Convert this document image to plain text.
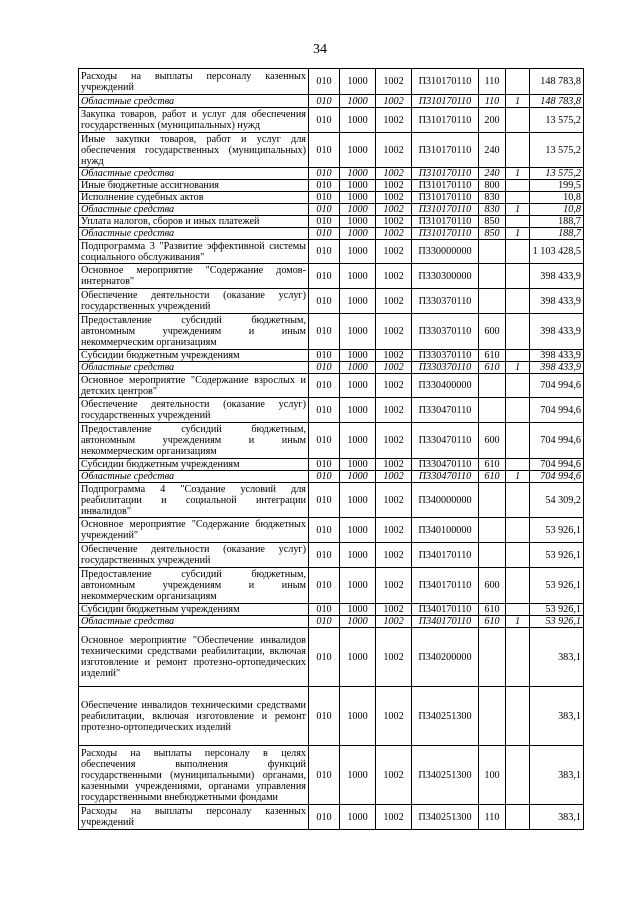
34
Расходы на выплаты персоналу казенных учреждений	010	1000	1002	П310170110	110		148 783,8
Областные средства	010	1000	1002	П310170110	110	1	148 783,8
Закупка товаров, работ и услуг для обеспечения государственных (муниципальных) нужд	010	1000	1002	П310170110	200		13 575,2
Иные закупки товаров, работ и услуг для обеспечения государственных (муниципальных) нужд	010	1000	1002	П310170110	240		13 575,2
Областные средства	010	1000	1002	П310170110	240	1	13 575,2
Иные бюджетные ассигнования	010	1000	1002	П310170110	800		199,5
Исполнение судебных актов	010	1000	1002	П310170110	830		10,8
Областные средства	010	1000	1002	П310170110	830	1	10,8
Уплата налогов, сборов и иных платежей	010	1000	1002	П310170110	850		188,7
Областные средства	010	1000	1002	П310170110	850	1	188,7
Подпрограмма 3 "Развитие эффективной системы социального обслуживания"	010	1000	1002	П330000000			1 103 428,5
Основное мероприятие "Содержание домов-интернатов"	010	1000	1002	П330300000			398 433,9
Обеспечение деятельности (оказание услуг) государственных учреждений	010	1000	1002	П330370110			398 433,9
Предоставление субсидий бюджетным, автономным учреждениям и иным некоммерческим организациям	010	1000	1002	П330370110	600		398 433,9
Субсидии бюджетным учреждениям	010	1000	1002	П330370110	610		398 433,9
Областные средства	010	1000	1002	П330370110	610	1	398 433,9
Основное мероприятие "Содержание взрослых и детских центров"	010	1000	1002	П330400000			704 994,6
Обеспечение деятельности (оказание услуг) государственных учреждений	010	1000	1002	П330470110			704 994,6
Предоставление субсидий бюджетным, автономным учреждениям и иным некоммерческим организациям	010	1000	1002	П330470110	600		704 994,6
Субсидии бюджетным учреждениям	010	1000	1002	П330470110	610		704 994,6
Областные средства	010	1000	1002	П330470110	610	1	704 994,6
Подпрограмма 4 "Создание условий для реабилитации и социальной интеграции инвалидов"	010	1000	1002	П340000000			54 309,2
Основное мероприятие "Содержание бюджетных учреждений"	010	1000	1002	П340100000			53 926,1
Обеспечение деятельности (оказание услуг) государственных учреждений	010	1000	1002	П340170110			53 926,1
Предоставление субсидий бюджетным, автономным учреждениям и иным некоммерческим организациям	010	1000	1002	П340170110	600		53 926,1
Субсидии бюджетным учреждениям	010	1000	1002	П340170110	610		53 926,1
Областные средства	010	1000	1002	П340170110	610	1	53 926,1
Основное мероприятие "Обеспечение инвалидов техническими средствами реабилитации, включая изготовление и ремонт протезно-ортопедических изделий"	010	1000	1002	П340200000			383,1
Обеспечение инвалидов техническими средствами реабилитации, включая изготовление и ремонт протезно-ортопедических изделий	010	1000	1002	П340251300			383,1
Расходы на выплаты персоналу в целях обеспечения выполнения функций государственными (муниципальными) органами, казенными учреждениями, органами управления государственными внебюджетными фондами	010	1000	1002	П340251300	100		383,1
Расходы на выплаты персоналу казенных учреждений	010	1000	1002	П340251300	110		383,1
